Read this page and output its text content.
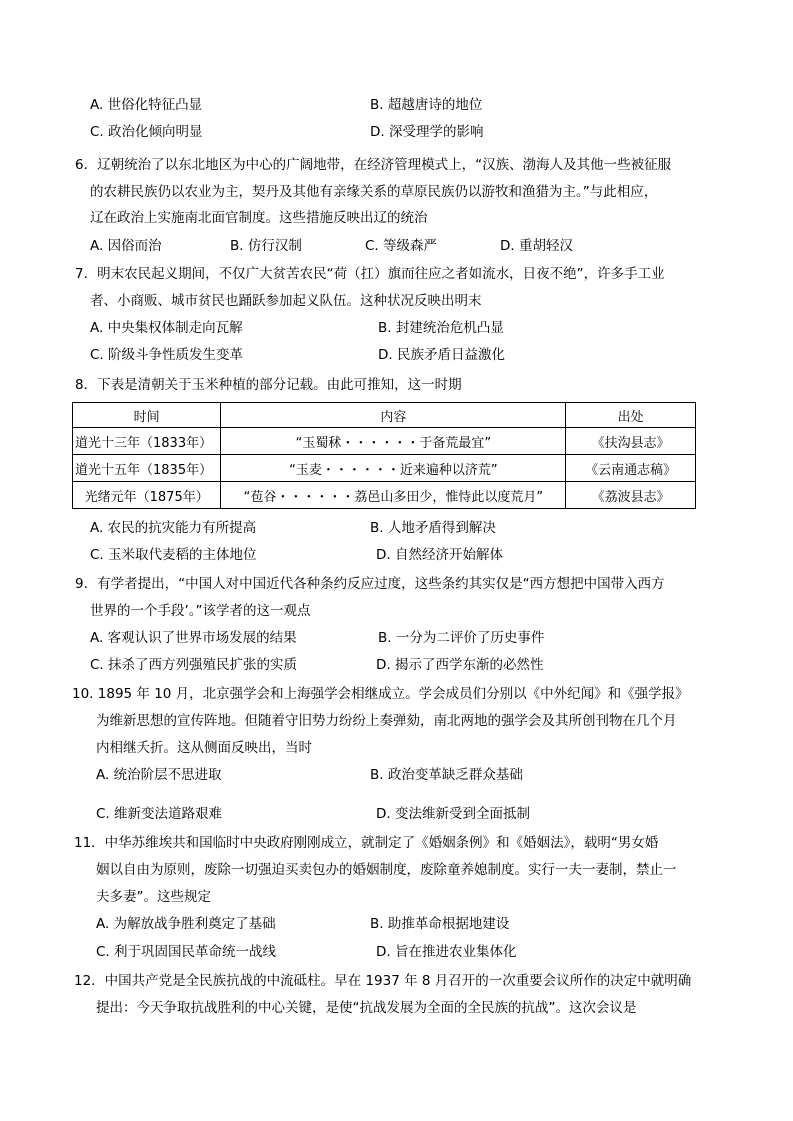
A. 世俗化特征凸显	B. 超越唐诗的地位
C. 政治化倾向明显	D. 深受理学的影响
6．辽朝统治了以东北地区为中心的广阔地带，在经济管理模式上，“汉族、渤海人及其他一些被征服
的农耕民族仍以农业为主，契丹及其他有亲缘关系的草原民族仍以游牧和渔猎为主。”与此相应，
辽在政治上实施南北面官制度。这些措施反映出辽的统治
A. 因俗而治	B. 仿行汉制	C. 等级森严	D. 重胡轻汉
7．明末农民起义期间，不仅广大贫苦农民“荷（扛）旗而往应之者如流水，日夜不绝”，许多手工业
者、小商贩、城市贫民也踊跃参加起义队伍。这种状况反映出明末
A. 中央集权体制走向瓦解	B. 封建统治危机凸显
C. 阶级斗争性质发生变革	D. 民族矛盾日益激化
8．下表是清朝关于玉米种植的部分记载。由此可推知，这一时期
时间	内容	出处
道光十三年（1833年）	“玉蜀秫・・・・・・于备荒最宜”	《扶沟县志》
道光十五年（1835年）	“玉麦・・・・・・近来遍种以济荒”	《云南通志稿》
光绪元年（1875年）	“苞谷・・・・・・荔邑山多田少，惟恃此以度荒月”	《荔波县志》
A. 农民的抗灾能力有所提高	B. 人地矛盾得到解决
C. 玉米取代麦稻的主体地位	D. 自然经济开始解体
9．有学者提出，“中国人对中国近代各种条约反应过度，这些条约其实仅是“西方想把中国带入西方
世界的一个手段’。”该学者的这一观点
A. 客观认识了世界市场发展的结果	B. 一分为二评价了历史事件
C. 抹杀了西方列强殖民扩张的实质	D. 揭示了西学东渐的必然性
10. 1895 年 10 月，北京强学会和上海强学会相继成立。学会成员们分别以《中外纪闻》和《强学报》
为维新思想的宣传阵地。但随着守旧势力纷纷上奏弹劾，南北两地的强学会及其所创刊物在几个月
内相继夭折。这从侧面反映出，当时
A. 统治阶层不思进取	B. 政治变革缺乏群众基础
C. 维新变法道路艰难	D. 变法维新受到全面抵制
11．中华苏维埃共和国临时中央政府刚刚成立，就制定了《婚姻条例》和《婚姻法》，载明“男女婚
姻以自由为原则，废除一切强迫买卖包办的婚姻制度，废除童养媳制度。实行一夫一妻制，禁止一
夫多妻”。这些规定
A. 为解放战争胜利奠定了基础	B. 助推革命根据地建设
C. 利于巩固国民革命统一战线	D. 旨在推进农业集体化
12．中国共产党是全民族抗战的中流砥柱。早在 1937 年 8 月召开的一次重要会议所作的决定中就明确
提出：今天争取抗战胜利的中心关键，是使“抗战发展为全面的全民族的抗战”。这次会议是
